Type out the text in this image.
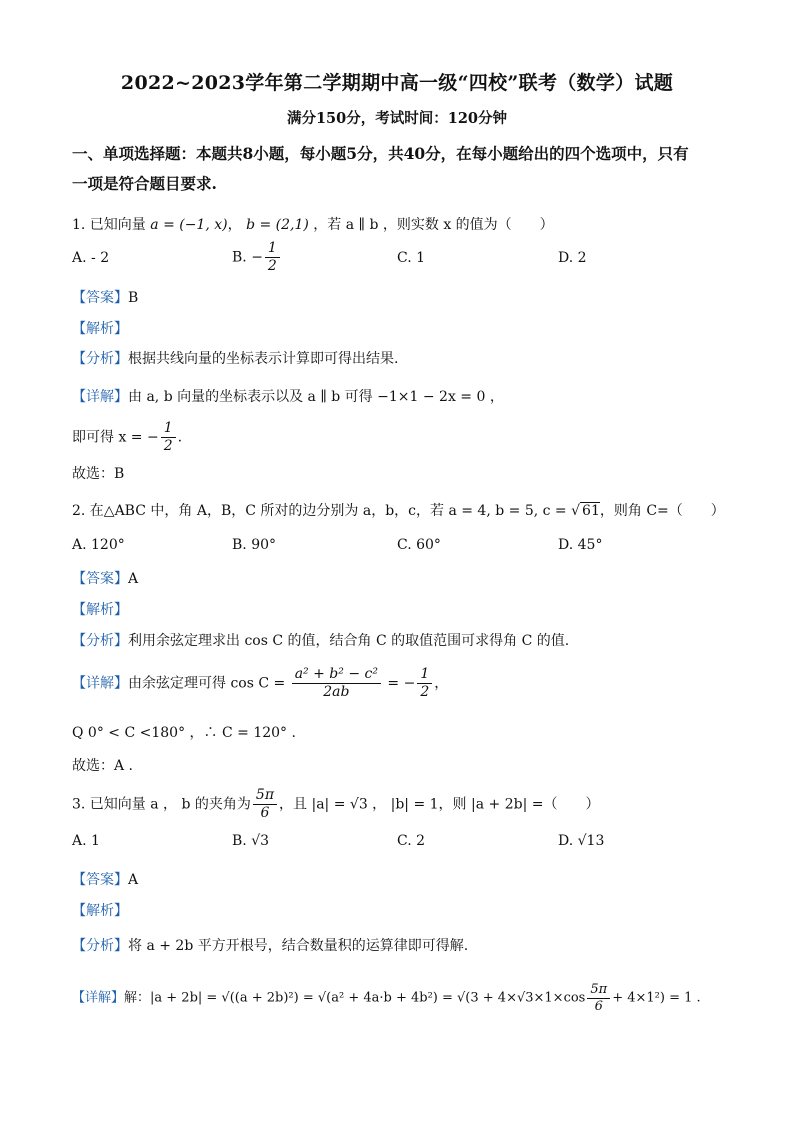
2022~2023学年第二学期期中高一级“四校”联考（数学）试题
满分150分，考试时间：120分钟
一、单项选择题：本题共8小题，每小题5分，共40分，在每小题给出的四个选项中，只有
一项是符合题目要求.
1. 已知向量 a = (−1, x)， b = (2,1) ，若 a ∥ b ，则实数 x 的值为（　　）
A. - 2	B. − $\frac{1}{2}$	C. 1	D. 2
【答案】B
【解析】
【分析】根据共线向量的坐标表示计算即可得出结果.
【详解】由 a, b 向量的坐标表示以及 a ∥ b 可得 −1×1 − 2x = 0 ，
即可得 x = − $\frac{1}{2}$ .
故选：B
2. 在△ABC 中，角 A，B，C 所对的边分别为 a，b，c，若 a = 4, b = 5, c = √ 61，则角 C=（　　）
A. 120°	B. 90°	C. 60°	D. 45°
【答案】A
【解析】
【分析】利用余弦定理求出 cos C 的值，结合角 C 的取值范围可求得角 C 的值.
【详解】由余弦定理可得 $\cos C = \frac{\text{a² + b² − c²}}{2ab}$ = − $\frac{1}{2}$ ，
Q 0° < C <180° ，∴ C = 120° .
故选：A .
3. 已知向量 a ， b 的夹角为 $\frac{5\pi}{6}$ ，且 |a| = √3 ， |b| = 1，则 |a + 2b| =（　　）
A. 1	B. √3	C. 2	D. √13
【答案】A
【解析】
【分析】将 a + 2b 平方开根号，结合数量积的运算律即可得解.
【详解】解：$|a + 2b| = √((a + 2b)^2) = √(a^2 + 4a\cdot b + 4b^2) = √(3 + 4\times√3\times 1\times\cos \frac{5\pi}{6} + 4\times 1^2) = 1$ .
